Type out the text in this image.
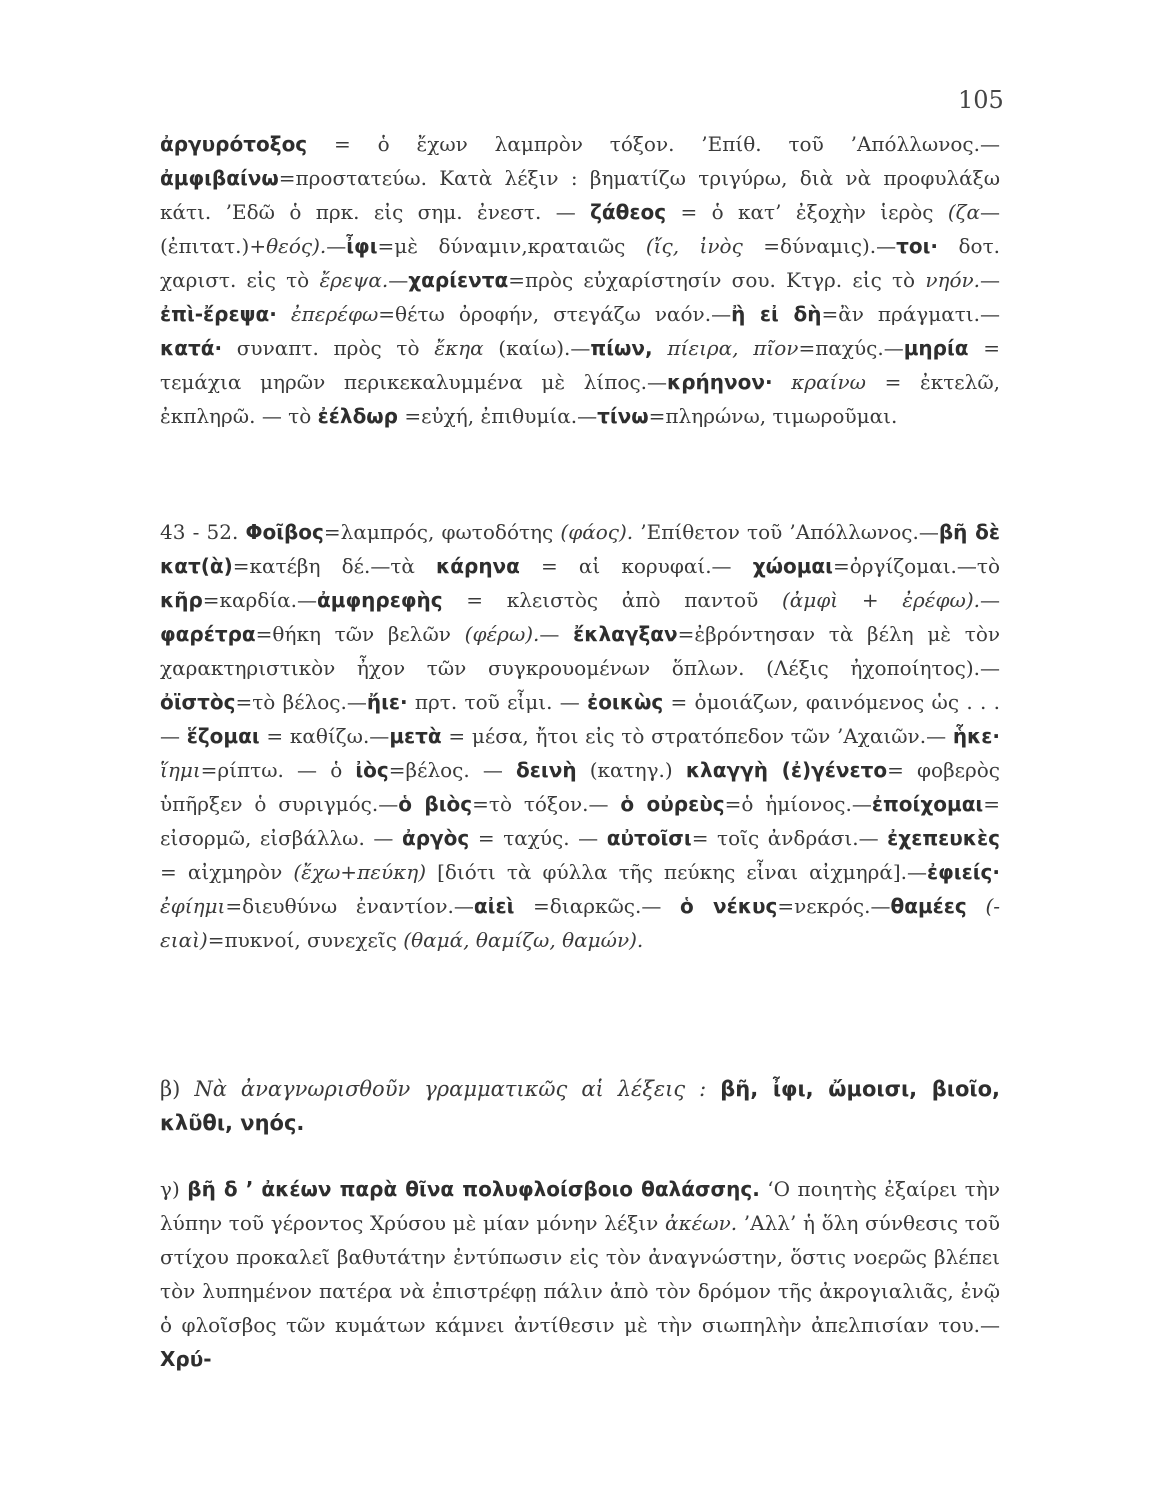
105

ἀργυρότοξος = ὁ ἔχων λαμπρὸν τόξον. ’Επίθ. τοῦ ’Απόλλωνος.— ἀμφιβαίνω=προστατεύω. Κατὰ λέξιν : βηματίζω τριγύρω, διὰ νὰ προφυλάξω κάτι. ’Εδῶ ὁ πρκ. εἰς σημ. ἐνεστ. — ζάθεος = ὁ κατ’ ἐξοχὴν ἱερὸς (ζα—(ἐπιτατ.)+θεός).—ἶφι=μὲ δύναμιν,κραταιῶς (ἴς, ἰνὸς =δύναμις).—τοι· δοτ. χαριστ. εἰς τὸ ἔρεψα.—χαρίεντα=πρὸς εὐχαρίστησίν σου. Κτγρ. εἰς τὸ νηόν.—ἐπὶ-ἔρεψα· ἐπερέφω=θέτω ὀροφήν, στεγάζω ναόν.—ἢ εἰ δὴ=ἂν πράγματι.—κατά· συναπτ. πρὸς τὸ ἔκηα (καίω).—πίων, πίειρα, πῖον=παχύς.—μηρία = τεμάχια μηρῶν περικεκαλυμμένα μὲ λίπος.—κρήηνον· κραίνω = ἐκτελῶ, ἐκπληρῶ. — τὸ ἐέλδωρ =εὐχή, ἐπιθυμία.—τίνω=πληρώνω, τιμωροῦμαι.

43 - 52. Φοῖβος=λαμπρός, φωτοδότης (φάος). ’Επίθετον τοῦ ’Απόλλωνος.—βῆ δὲ κατ(ὰ)=κατέβη δέ.—τὰ κάρηνα = αἱ κορυφαί.— χώομαι=ὀργίζομαι.—τὸ κῆρ=καρδία.—ἀμφηρεφὴς = κλειστὸς ἀπὸ παντοῦ (ἀμφὶ + ἐρέφω).— φαρέτρα=θήκη τῶν βελῶν (φέρω).— ἔκλαγξαν=ἐβρόντησαν τὰ βέλη μὲ τὸν χαρακτηριστικὸν ἦχον τῶν συγκρουομένων ὅπλων. (Λέξις ἠχοποίητος).—ὀϊστὸς=τὸ βέλος.—ἤιε· πρτ. τοῦ εἶμι. — ἐοικὼς = ὁμοιάζων, φαινόμενος ὡς . . .— ἕζομαι = καθίζω.—μετὰ = μέσα, ἤτοι εἰς τὸ στρατόπεδον τῶν ’Αχαιῶν.— ἧκε· ἵημι=ρίπτω. — ὁ ἰὸς=βέλος. — δεινὴ (κατηγ.) κλαγγὴ (ἐ)γένετο= φοβερὸς ὑπῆρξεν ὁ συριγμός.—ὁ βιὸς=τὸ τόξον.— ὁ οὐρεὺς=ὁ ἡμίονος.—ἐποίχομαι= εἰσορμῶ, εἰσβάλλω. — ἀργὸς = ταχύς. — αὐτοῖσι= τοῖς ἀνδράσι.— ἐχεπευκὲς = αἰχμηρὸν (ἔχω+πεύκη) [διότι τὰ φύλλα τῆς πεύκης εἶναι αἰχμηρά].—ἐφιείς· ἐφίημι=διευθύνω ἐναντίον.—αἰεὶ =διαρκῶς.— ὁ νέκυς=νεκρός.—θαμέες (-ειαὶ)=πυκνοί, συνεχεῖς (θαμά, θαμίζω, θαμών).

β) Νὰ ἀναγνωρισθοῦν γραμματικῶς αἱ λέξεις : βῆ, ἶφι, ὤμοισι, βιοῖο, κλῦθι, νηός.

γ) βῆ δ ’ ἀκέων παρὰ θῖνα πολυφλοίσβοιο θαλάσσης. ‘Ο ποιητὴς ἐξαίρει τὴν λύπην τοῦ γέροντος Χρύσου μὲ μίαν μόνην λέξιν ἀκέων. ’Αλλ’ ἡ ὅλη σύνθεσις τοῦ στίχου προκαλεῖ βαθυτάτην ἐντύπωσιν εἰς τὸν ἀναγνώστην, ὅστις νοερῶς βλέπει τὸν λυπημένον πατέρα νὰ ἐπιστρέφῃ πάλιν ἀπὸ τὸν δρόμον τῆς ἀκρογιαλιᾶς, ἐνῷ ὁ φλοῖσβος τῶν κυμάτων κάμνει ἀντίθεσιν μὲ τὴν σιωπηλὴν ἀπελπισίαν του.— Χρύ-
